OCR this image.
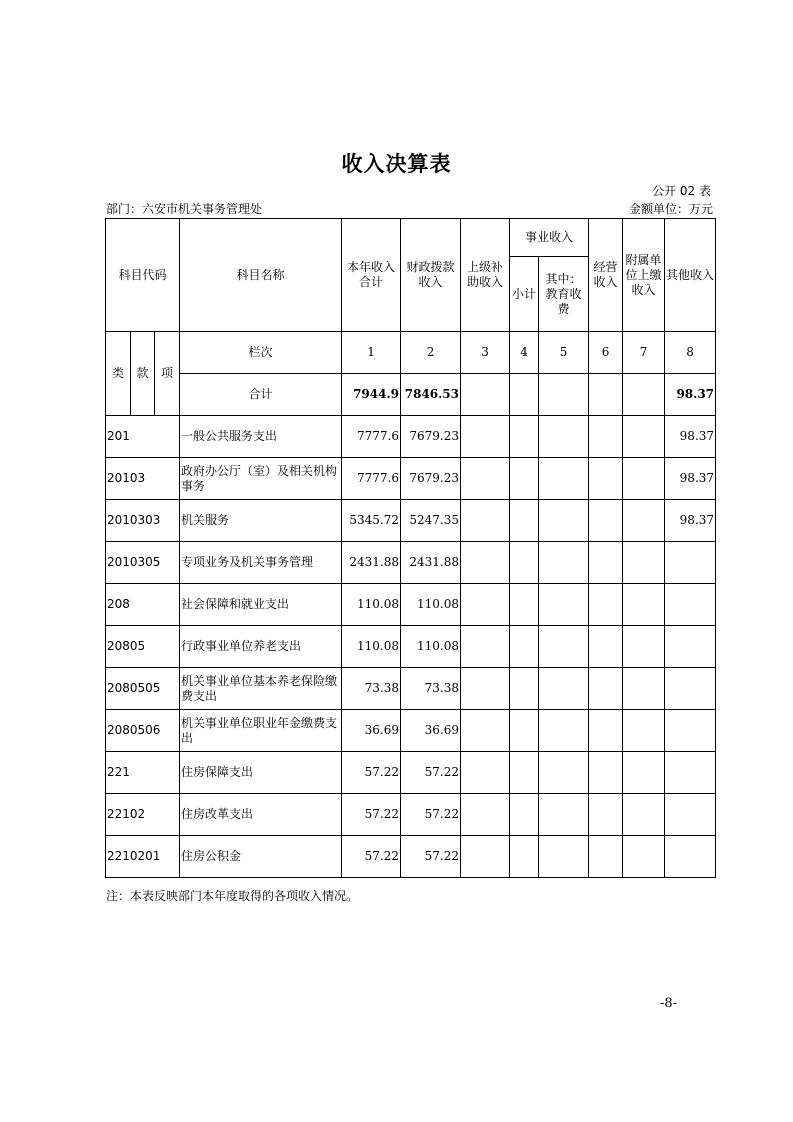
收入决算表
公开 02 表
部门：六安市机关事务管理处	金额单位：万元
科目代码			科目名称	本年收入合计	财政拨款收入	上级补助收入	事业收入		经营收入	附属单位上缴收入	其他收入
							小计	其中：教育收费			
类	款	项	栏次	1	2	3	4	5	6	7	8
			合计	7944.9	7846.53						98.37
201			一般公共服务支出	7777.6	7679.23						98.37
20103			政府办公厅（室）及相关机构事务	7777.6	7679.23						98.37
2010303			机关服务	5345.72	5247.35						98.37
2010305			专项业务及机关事务管理	2431.88	2431.88						
208			社会保障和就业支出	110.08	110.08						
20805			行政事业单位养老支出	110.08	110.08						
2080505			机关事业单位基本养老保险缴费支出	73.38	73.38						
2080506			机关事业单位职业年金缴费支出	36.69	36.69						
221			住房保障支出	57.22	57.22						
22102			住房改革支出	57.22	57.22						
2210201			住房公积金	57.22	57.22						
注：本表反映部门本年度取得的各项收入情况。
-8-
